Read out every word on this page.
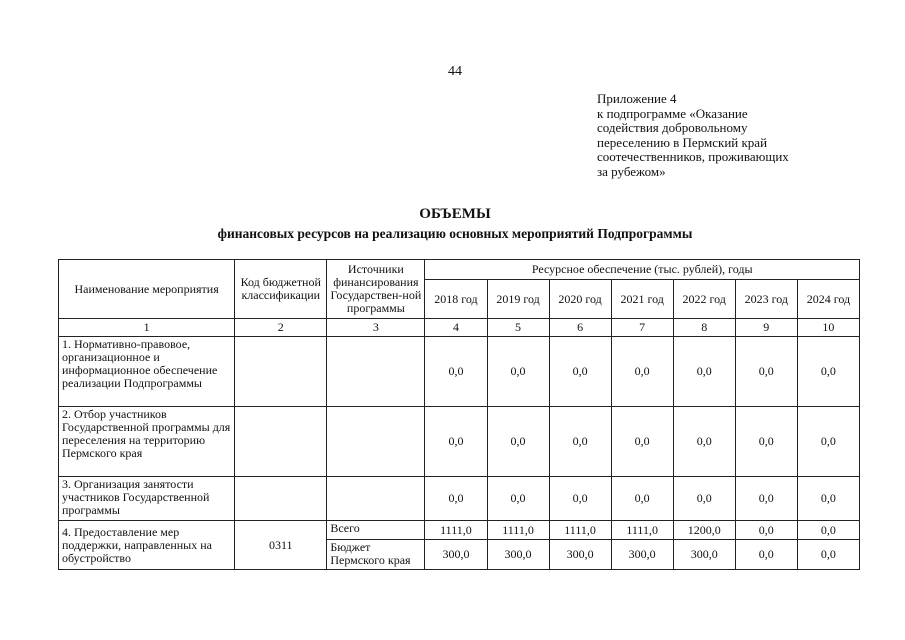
44
Приложение 4
к подпрограмме «Оказание
содействия добровольному
переселению в Пермский край
соотечественников, проживающих
за рубежом»
ОБЪЕМЫ
финансовых ресурсов на реализацию основных мероприятий Подпрограммы
Наименование мероприятия	Код бюджетной классификации	Источники финансирования Государствен-ной программы	Ресурсное обеспечение (тыс. рублей), годы						
			2018 год	2019 год	2020 год	2021 год	2022 год	2023 год	2024 год
1	2	3	4	5	6	7	8	9	10
1. Нормативно-правовое, организационное и информационное обеспечение реализации Подпрограммы			0,0	0,0	0,0	0,0	0,0	0,0	0,0
2. Отбор участников Государственной программы для переселения на территорию Пермского края			0,0	0,0	0,0	0,0	0,0	0,0	0,0
3. Организация занятости участников Государственной программы			0,0	0,0	0,0	0,0	0,0	0,0	0,0
4. Предоставление мер поддержки, направленных на обустройство	0311	Всего	1111,0	1111,0	1111,0	1111,0	1200,0	0,0	0,0
		Бюджет Пермского края	300,0	300,0	300,0	300,0	300,0	0,0	0,0
